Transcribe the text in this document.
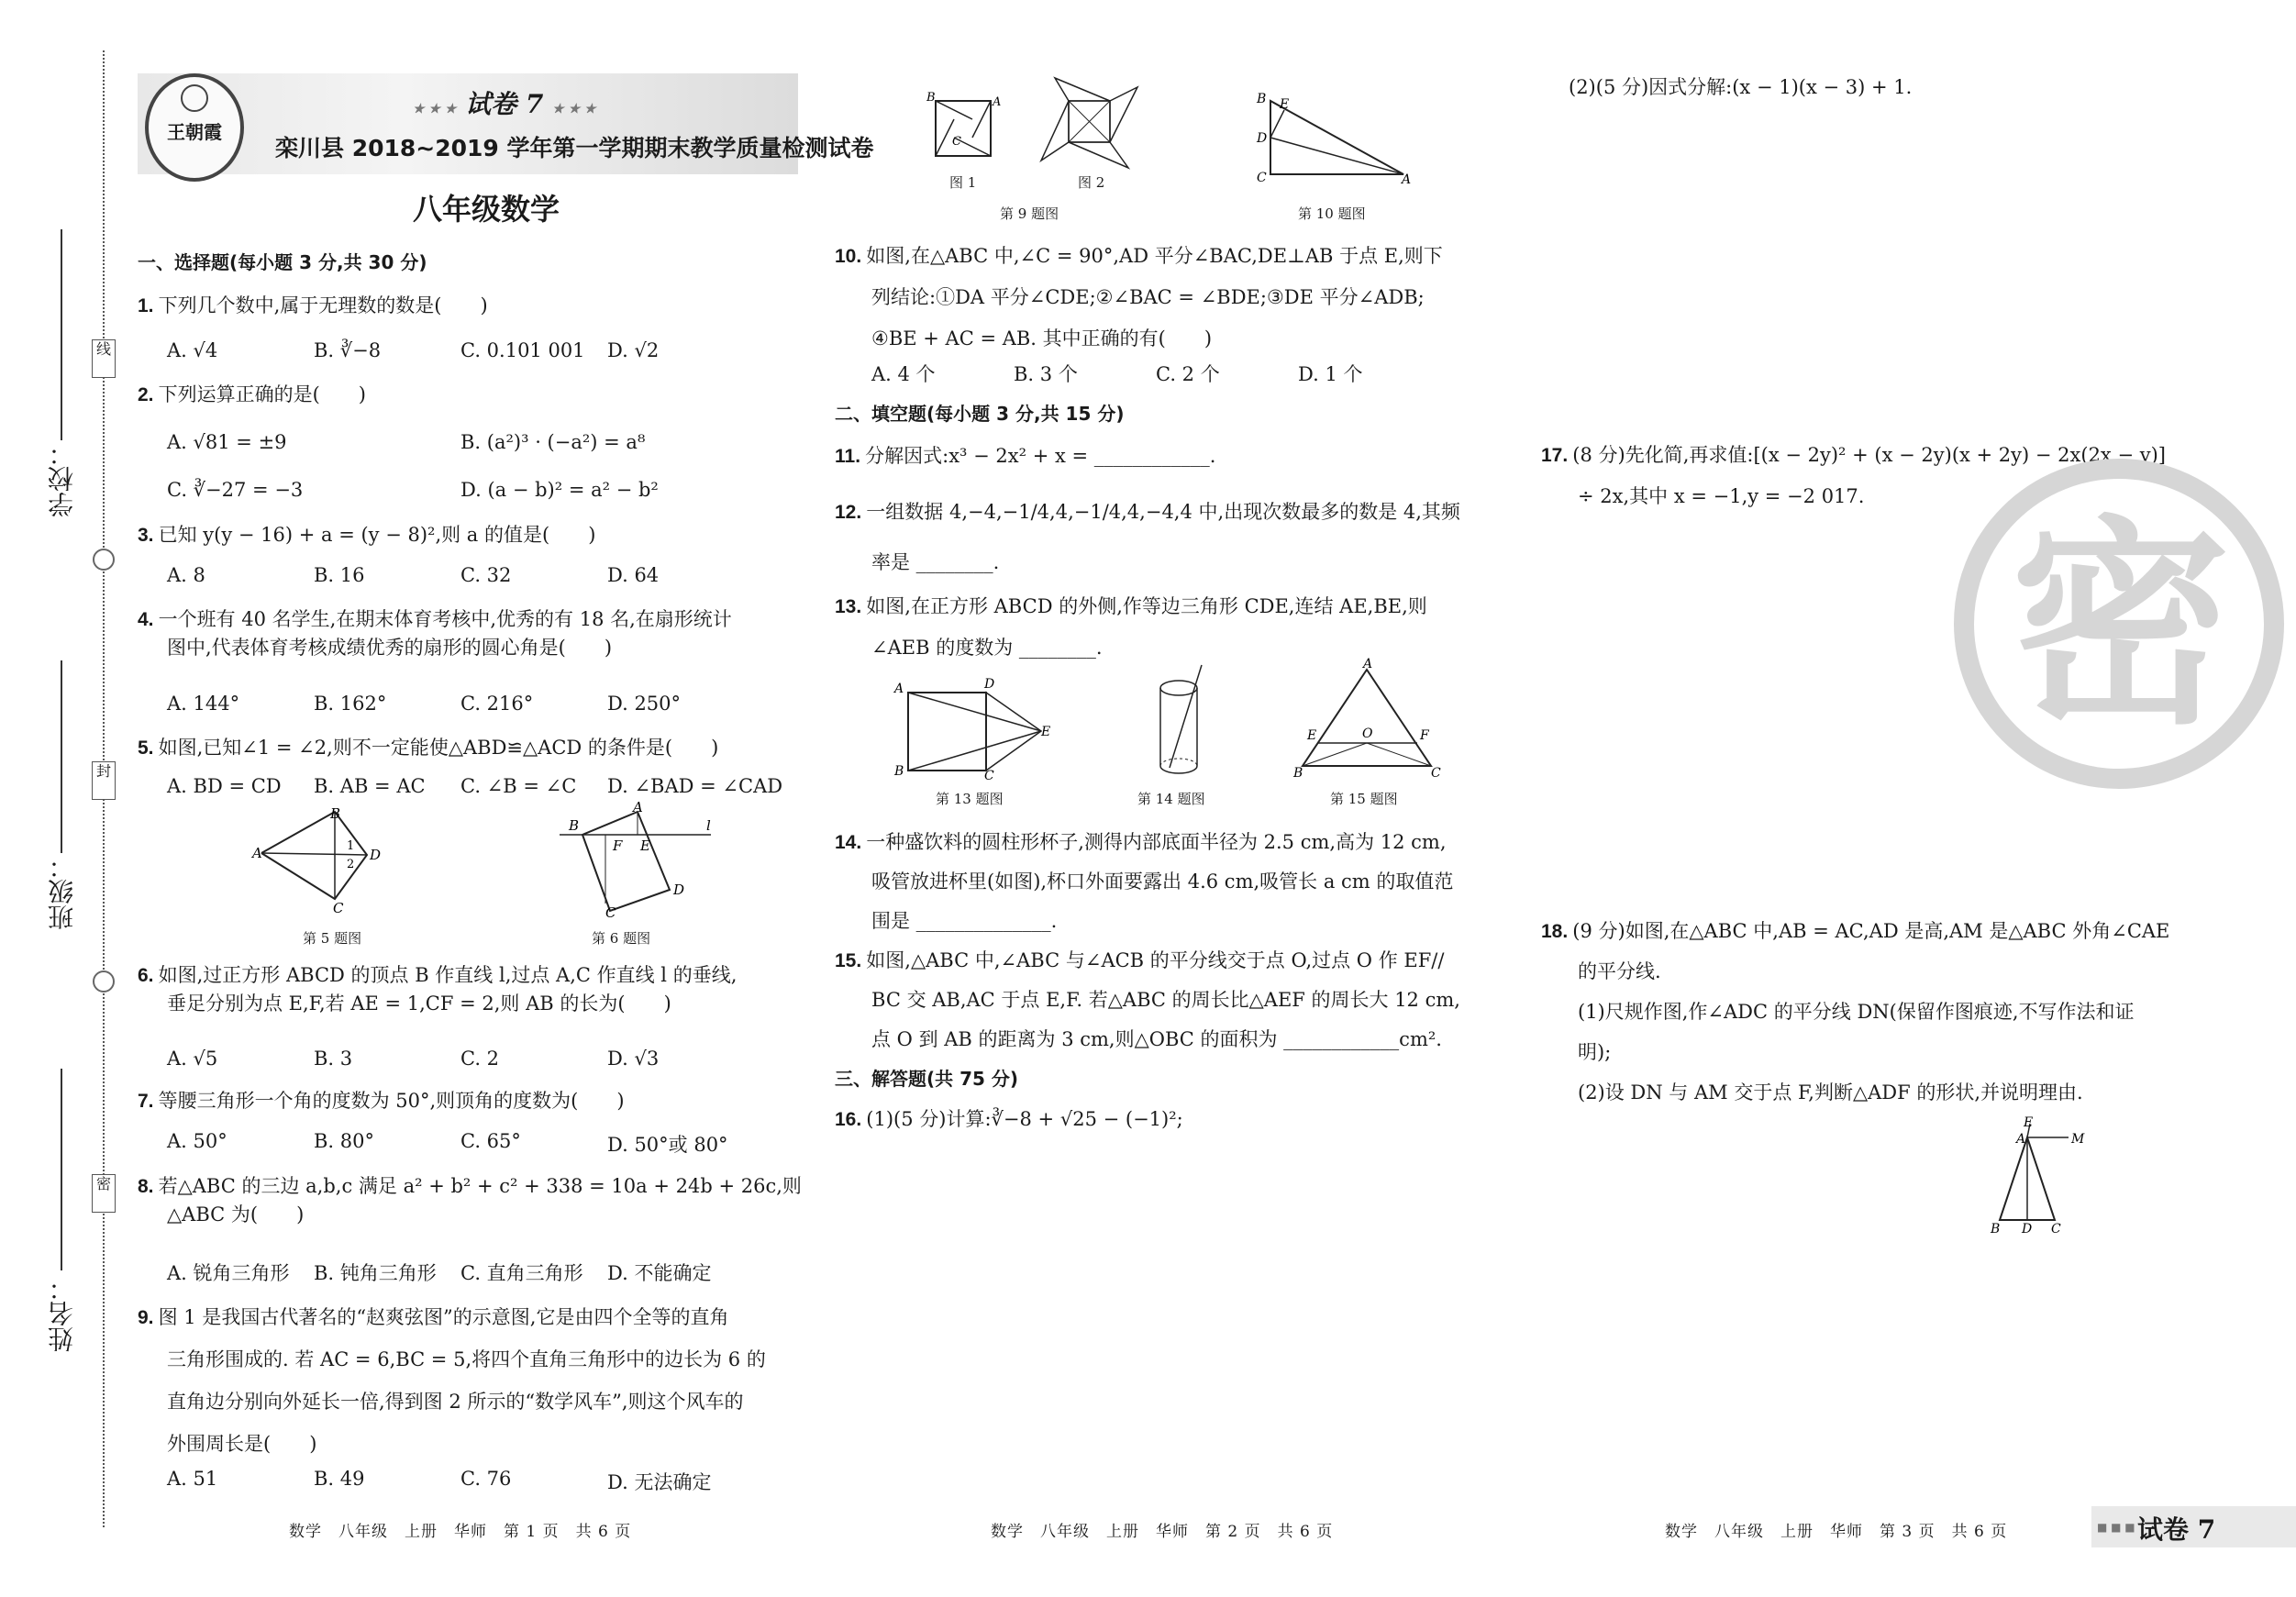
线
封
密
学校：
班级：
姓名：
王朝霞
★ ★ ★ 试卷 7 ★ ★ ★
栾川县 2018~2019 学年第一学期期末教学质量检测试卷
八年级数学
一、选择题(每小题 3 分,共 30 分)
1. 下列几个数中,属于无理数的数是(　　)
A. √4	B. ∛−8	C. 0.101 001 D. √2
2. 下列运算正确的是(　　)
A. √81 = ±9	B. (a²)³ · (−a²) = a⁸
C. ∛−27 = −3	D. (a − b)² = a² − b²
3. 已知 y(y − 16) + a = (y − 8)²,则 a 的值是(　　)
A. 8	B. 16	C. 32	D. 64
4. 一个班有 40 名学生,在期末体育考核中,优秀的有 18 名,在扇形统计
图中,代表体育考核成绩优秀的扇形的圆心角是(　　)
A. 144°	B. 162°	C. 216°	D. 250°
5. 如图,已知∠1 = ∠2,则不一定能使△ABD≌△ACD 的条件是(　　)
A. BD = CD B. AB = AC C. ∠B = ∠C D. ∠BAD = ∠CAD
A
B
D
C
1
2
第 5 题图
B
A
l
F E
D
C
第 6 题图
6. 如图,过正方形 ABCD 的顶点 B 作直线 l,过点 A,C 作直线 l 的垂线,
垂足分别为点 E,F,若 AE = 1,CF = 2,则 AB 的长为(　　)
A. √5	B. 3	C. 2	D. √3
7. 等腰三角形一个角的度数为 50°,则顶角的度数为(　　)
A. 50°	B. 80°	C. 65°	D. 50°或 80°
8. 若△ABC 的三边 a,b,c 满足 a² + b² + c² + 338 = 10a + 24b + 26c,则
△ABC 为(　　)
A. 锐角三角形 B. 钝角三角形 C. 直角三角形 D. 不能确定
9. 图 1 是我国古代著名的“赵爽弦图”的示意图,它是由四个全等的直角
三角形围成的. 若 AC = 6,BC = 5,将四个直角三角形中的边长为 6 的
直角边分别向外延长一倍,得到图 2 所示的“数学风车”,则这个风车的
外围周长是(　　)
A. 51	B. 49	C. 76	D. 无法确定
B	A
C
图 1	图 2
第 9 题图
B E
D
C	A
第 10 题图
10. 如图,在△ABC 中,∠C = 90°,AD 平分∠BAC,DE⊥AB 于点 E,则下
列结论:①DA 平分∠CDE;②∠BAC = ∠BDE;③DE 平分∠ADB;
④BE + AC = AB. 其中正确的有(　　)
A. 4 个	B. 3 个	C. 2 个	D. 1 个
二、填空题(每小题 3 分,共 15 分)
11. 分解因式:x³ − 2x² + x = ____________.
12. 一组数据 4,−4,−1/4,4,−1/4,4,−4,4 中,出现次数最多的数是 4,其频
率是 ________.
13. 如图,在正方形 ABCD 的外侧,作等边三角形 CDE,连结 AE,BE,则
∠AEB 的度数为 ________.
A	D
B	C
E
第 13 题图	第 14 题图
A
E	F
O
B	C
第 15 题图
14. 一种盛饮料的圆柱形杯子,测得内部底面半径为 2.5 cm,高为 12 cm,
吸管放进杯里(如图),杯口外面要露出 4.6 cm,吸管长 a cm 的取值范
围是 ______________.
15. 如图,△ABC 中,∠ABC 与∠ACB 的平分线交于点 O,过点 O 作 EF//
BC 交 AB,AC 于点 E,F. 若△ABC 的周长比△AEF 的周长大 12 cm,
点 O 到 AB 的距离为 3 cm,则△OBC 的面积为 ____________cm².
三、解答题(共 75 分)
16. (1)(5 分)计算:∛−8 + √25 − (−1)²;
(2)(5 分)因式分解:(x − 1)(x − 3) + 1.
17. (8 分)先化简,再求值:[(x − 2y)² + (x − 2y)(x + 2y) − 2x(2x − y)]
÷ 2x,其中 x = −1,y = −2 017.
密
18. (9 分)如图,在△ABC 中,AB = AC,AD 是高,AM 是△ABC 外角∠CAE
的平分线.
(1)尺规作图,作∠ADC 的平分线 DN(保留作图痕迹,不写作法和证
明);
(2)设 DN 与 AM 交于点 F,判断△ADF 的形状,并说明理由.
E
A	M
B D C
数学　八年级　上册　华师　第 1 页　共 6 页	数学　八年级　上册　华师　第 2 页　共 6 页	数学　八年级　上册　华师　第 3 页　共 6 页	■ ■ ■ 试卷 7
